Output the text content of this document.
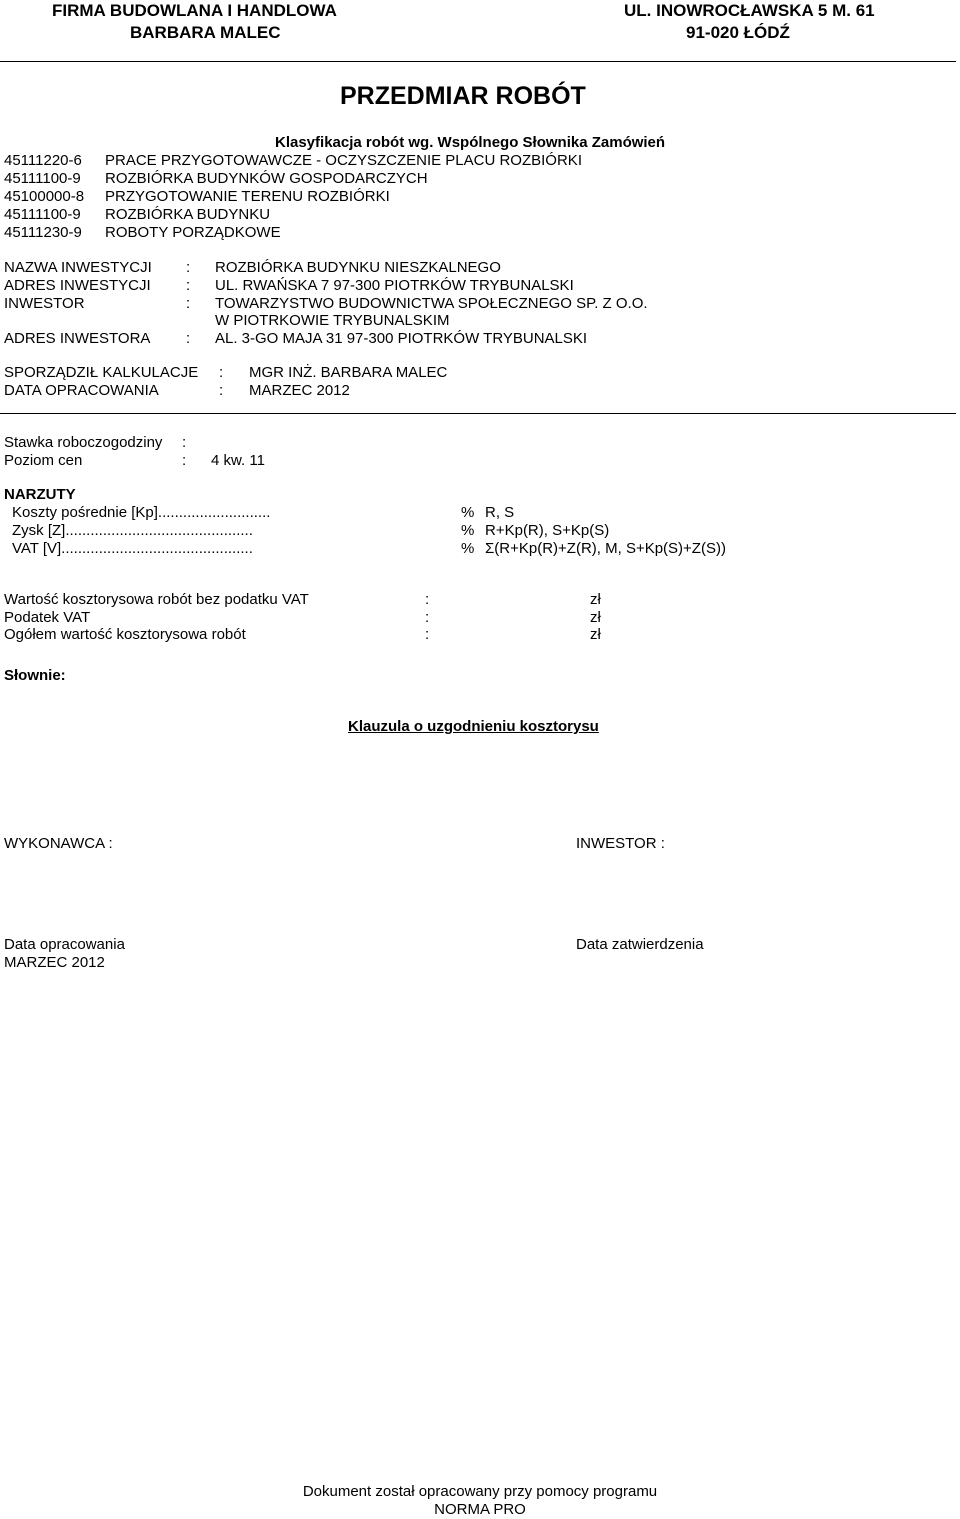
FIRMA BUDOWLANA I HANDLOWA
BARBARA MALEC
UL. INOWROCŁAWSKA 5 M. 61
91-020 ŁÓDŹ
PRZEDMIAR ROBÓT
Klasyfikacja robót wg. Wspólnego Słownika Zamówień
45111220-6 PRACE PRZYGOTOWAWCZE - OCZYSZCZENIE PLACU ROZBIÓRKI
45111100-9 ROZBIÓRKA BUDYNKÓW GOSPODARCZYCH
45100000-8 PRZYGOTOWANIE TERENU ROZBIÓRKI
45111100-9 ROZBIÓRKA BUDYNKU
45111230-9 ROBOTY PORZĄDKOWE
NAZWA INWESTYCJI : ROZBIÓRKA BUDYNKU NIESZKALNEGO
ADRES INWESTYCJI : UL. RWAŃSKA 7 97-300 PIOTRKÓW TRYBUNALSKI
INWESTOR	: TOWARZYSTWO BUDOWNICTWA SPOŁECZNEGO SP. Z O.O.
W PIOTRKOWIE TRYBUNALSKIM
ADRES INWESTORA : AL. 3-GO MAJA 31 97-300 PIOTRKÓW TRYBUNALSKI
SPORZĄDZIŁ KALKULACJE : MGR INŻ. BARBARA MALEC
DATA OPRACOWANIA	: MARZEC 2012
Stawka roboczogodziny :
Poziom cen	: 4 kw. 11
NARZUTY
Koszty pośrednie [Kp]...........................	% R, S
Zysk [Z].............................................	% R+Kp(R), S+Kp(S)
VAT [V]..............................................	% Σ(R+Kp(R)+Z(R), M, S+Kp(S)+Z(S))
Wartość kosztorysowa robót bez podatku VAT	:	zł
Podatek VAT	:	zł
Ogółem wartość kosztorysowa robót	:	zł
Słownie:
Klauzula o uzgodnieniu kosztorysu
WYKONAWCA :	INWESTOR :
Data opracowania
MARZEC 2012
Data zatwierdzenia
Dokument został opracowany przy pomocy programu
NORMA PRO
